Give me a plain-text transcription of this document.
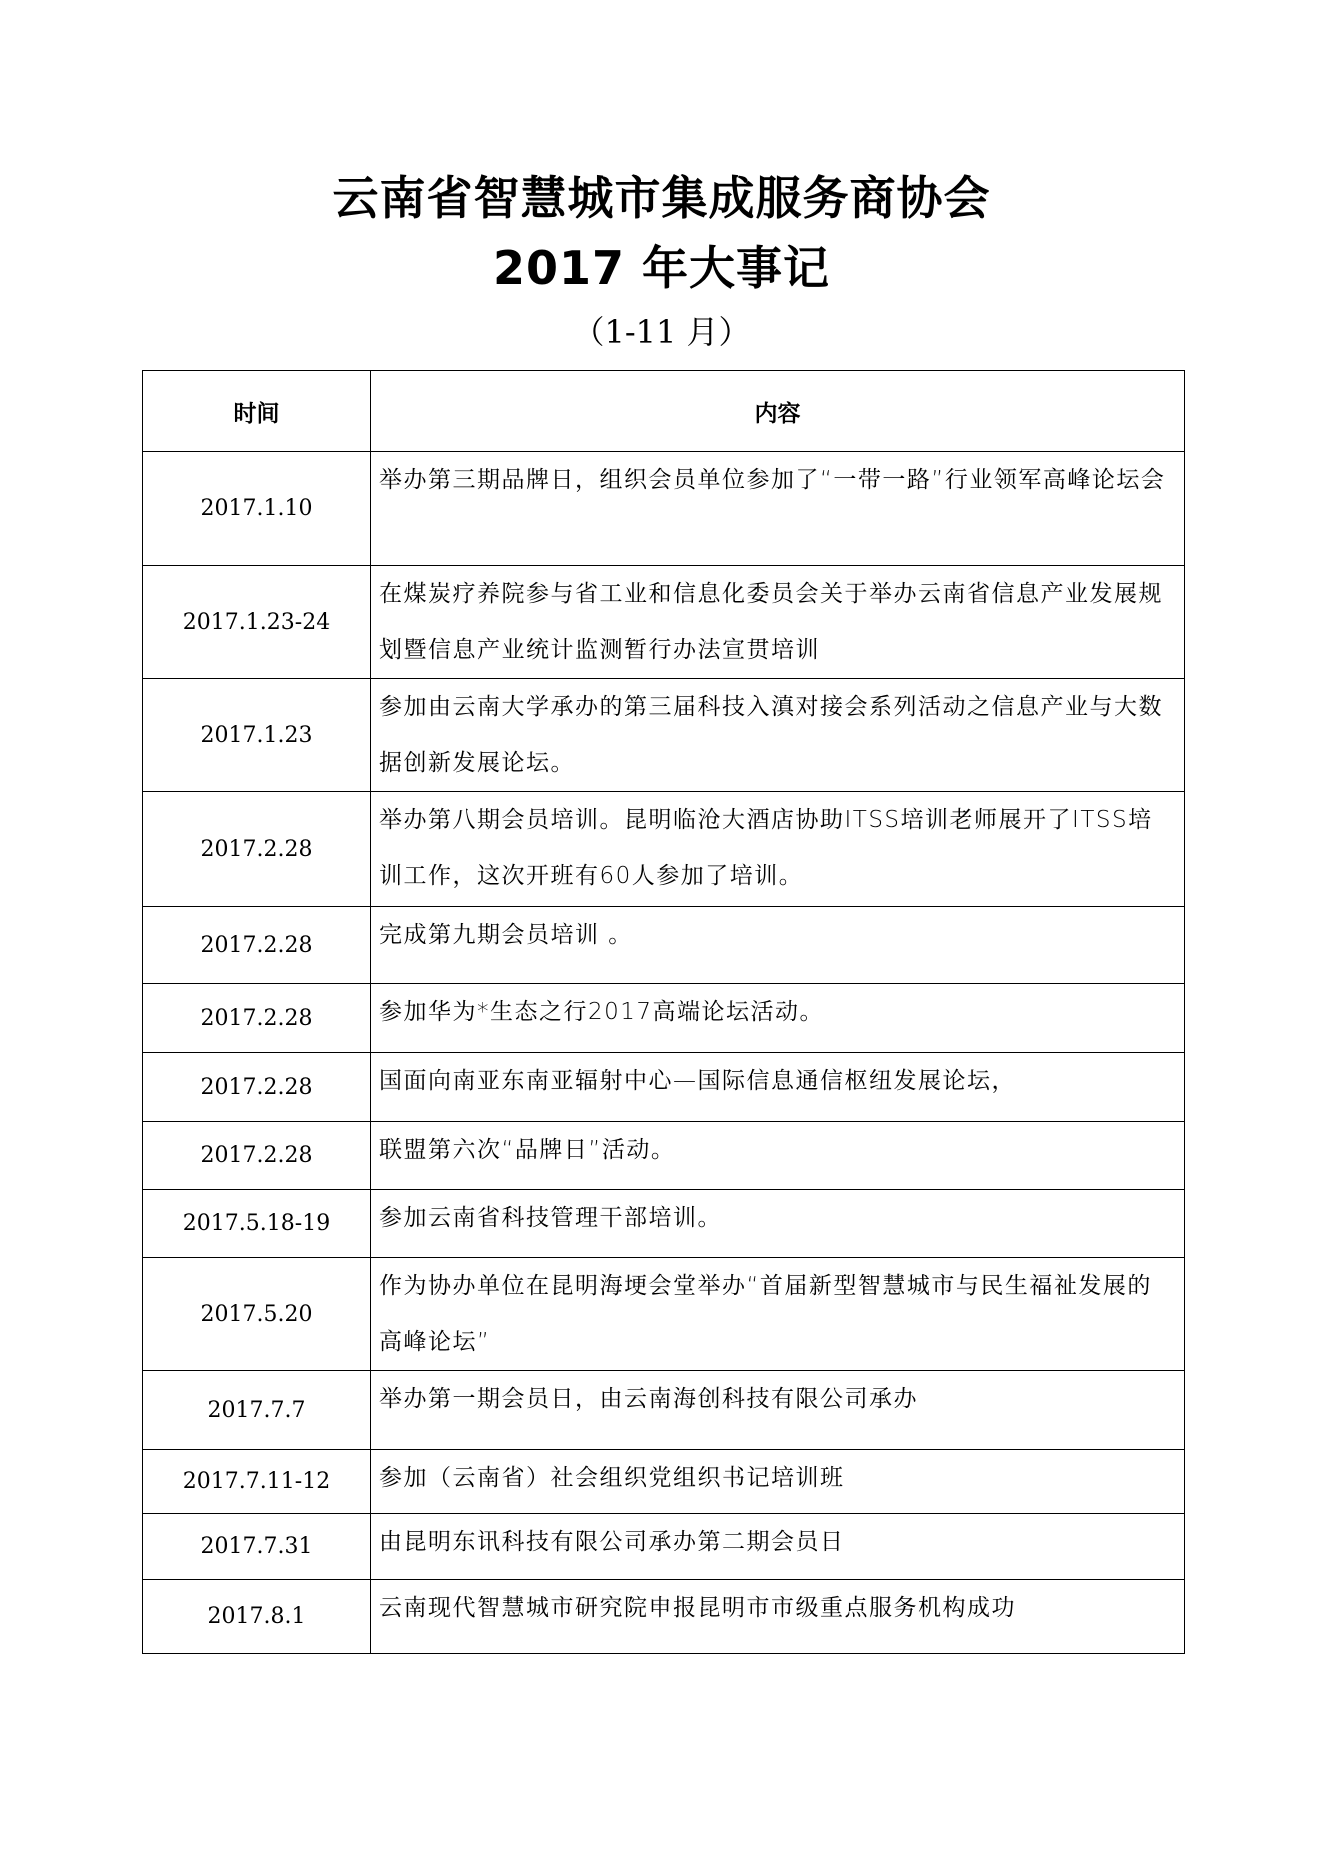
云南省智慧城市集成服务商协会
2017 年大事记
（1-11 月）
时间	内容
2017.1.10	举办第三期品牌日，组织会员单位参加了“一带一路”行业领军高峰论坛会
2017.1.23-24	在煤炭疗养院参与省工业和信息化委员会关于举办云南省信息产业发展规划暨信息产业统计监测暂行办法宣贯培训
2017.1.23	参加由云南大学承办的第三届科技入滇对接会系列活动之信息产业与大数据创新发展论坛。
2017.2.28	举办第八期会员培训。昆明临沧大酒店协助ITSS培训老师展开了ITSS培训工作，这次开班有60人参加了培训。
2017.2.28	完成第九期会员培训 。
2017.2.28	参加华为*生态之行2017高端论坛活动。
2017.2.28	国面向南亚东南亚辐射中心—国际信息通信枢纽发展论坛，
2017.2.28	联盟第六次“品牌日”活动。
2017.5.18-19	参加云南省科技管理干部培训。
2017.5.20	作为协办单位在昆明海埂会堂举办“首届新型智慧城市与民生福祉发展的高峰论坛”
2017.7.7	举办第一期会员日，由云南海创科技有限公司承办
2017.7.11-12	参加（云南省）社会组织党组织书记培训班
2017.7.31	由昆明东讯科技有限公司承办第二期会员日
2017.8.1	云南现代智慧城市研究院申报昆明市市级重点服务机构成功
